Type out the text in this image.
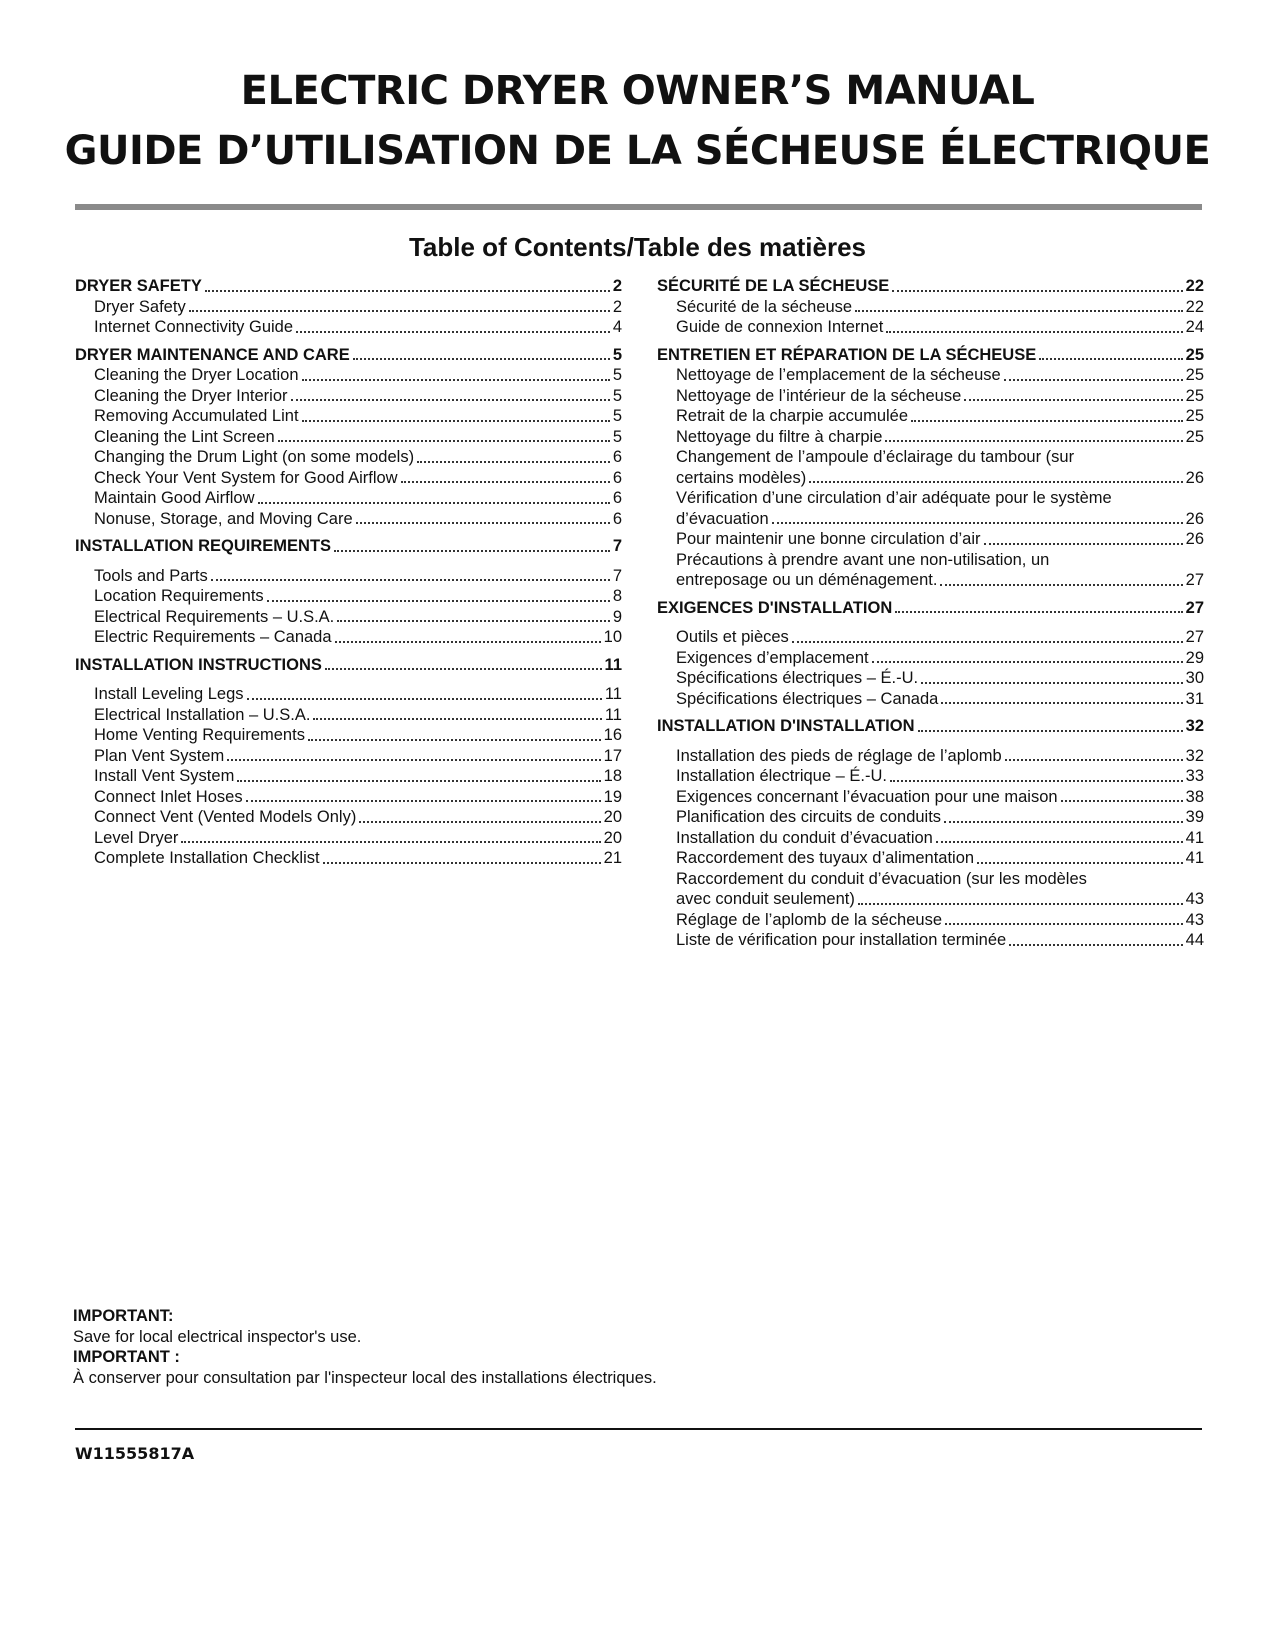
ELECTRIC DRYER OWNER’S MANUAL
GUIDE D’UTILISATION DE LA SÉCHEUSE ÉLECTRIQUE
Table of Contents/Table des matières
DRYER SAFETY	2
Dryer Safety	2
Internet Connectivity Guide	4
DRYER MAINTENANCE AND CARE	5
Cleaning the Dryer Location	5
Cleaning the Dryer Interior	5
Removing Accumulated Lint	5
Cleaning the Lint Screen	5
Changing the Drum Light (on some models)	6
Check Your Vent System for Good Airflow	6
Maintain Good Airflow	6
Nonuse, Storage, and Moving Care	6
INSTALLATION REQUIREMENTS	7
Tools and Parts	7
Location Requirements	8
Electrical Requirements – U.S.A.	9
Electric Requirements – Canada	10
INSTALLATION INSTRUCTIONS	11
Install Leveling Legs	11
Electrical Installation – U.S.A.	11
Home Venting Requirements	16
Plan Vent System	17
Install Vent System	18
Connect Inlet Hoses	19
Connect Vent (Vented Models Only)	20
Level Dryer	20
Complete Installation Checklist	21
SÉCURITÉ DE LA SÉCHEUSE	22
Sécurité de la sécheuse	22
Guide de connexion Internet	24
ENTRETIEN ET RÉPARATION DE LA SÉCHEUSE	25
Nettoyage de l’emplacement de la sécheuse	25
Nettoyage de l’intérieur de la sécheuse	25
Retrait de la charpie accumulée	25
Nettoyage du filtre à charpie	25
Changement de l’ampoule d’éclairage du tambour (sur
certains modèles)	26
Vérification d’une circulation d’air adéquate pour le système
d’évacuation	26
Pour maintenir une bonne circulation d’air	26
Précautions à prendre avant une non-utilisation, un
entreposage ou un déménagement.	27
EXIGENCES D'INSTALLATION	27
Outils et pièces	27
Exigences d’emplacement	29
Spécifications électriques – É.-U.	30
Spécifications électriques – Canada	31
INSTALLATION D'INSTALLATION	32
Installation des pieds de réglage de l’aplomb	32
Installation électrique – É.-U.	33
Exigences concernant l’évacuation pour une maison	38
Planification des circuits de conduits	39
Installation du conduit d’évacuation	41
Raccordement des tuyaux d’alimentation	41
Raccordement du conduit d’évacuation (sur les modèles
avec conduit seulement)	43
Réglage de l’aplomb de la sécheuse	43
Liste de vérification pour installation terminée	44
IMPORTANT:
Save for local electrical inspector's use.
IMPORTANT :
À conserver pour consultation par l'inspecteur local des installations électriques.
W11555817A
